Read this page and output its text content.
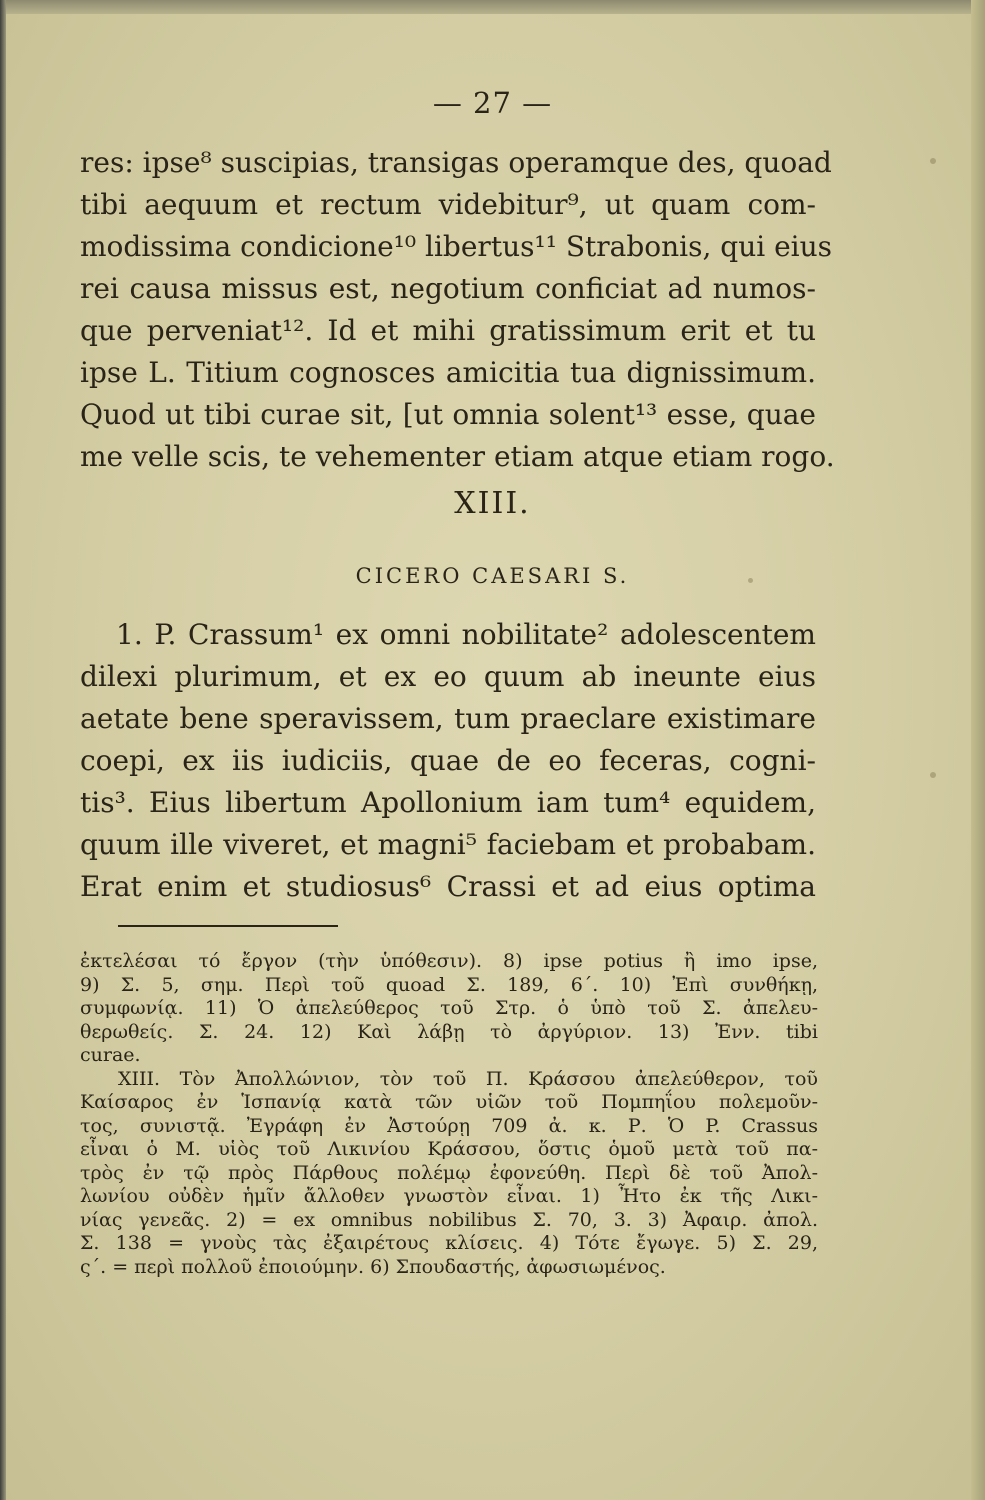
— 27 —
res: ipse⁸ suscipias, transigas operamque des, quoad
tibi aequum et rectum videbitur⁹, ut quam com-
modissima condicione¹⁰ libertus¹¹ Strabonis, qui eius
rei causa missus est, negotium conficiat ad numos-
que perveniat¹². Id et mihi gratissimum erit et tu
ipse L. Titium cognosces amicitia tua dignissimum.
Quod ut tibi curae sit, [ut omnia solent¹³ esse, quae
me velle scis, te vehementer etiam atque etiam rogo.
XIII.
CICERO CAESARI S.
1. P. Crassum¹ ex omni nobilitate² adolescentem
dilexi plurimum, et ex eo quum ab ineunte eius
aetate bene speravissem, tum praeclare existimare
coepi, ex iis iudiciis, quae de eo feceras, cogni-
tis³. Eius libertum Apollonium iam tum⁴ equidem,
quum ille viveret, et magni⁵ faciebam et probabam.
Erat enim et studiosus⁶ Crassi et ad eius optima
ἐκτελέσαι τό ἔργον (τὴν ὑπόθεσιν). 8) ipse potius ἢ imo ipse,
9) Σ. 5, σημ. Περὶ τοῦ quoad Σ. 189, 6΄. 10) Ἐπὶ συνθήκῃ,
συμφωνίᾳ. 11) Ὁ ἀπελεύθερος τοῦ Στρ. ὁ ὑπὸ τοῦ Σ. ἀπελευ-
θερωθείς. Σ. 24. 12) Καὶ λάβῃ τὸ ἀργύριον. 13) Ἐνν. tibi
curae.
XIII. Τὸν Ἀπολλώνιον, τὸν τοῦ Π. Κράσσου ἀπελεύθερον, τοῦ
Καίσαρος ἐν Ἱσπανίᾳ κατὰ τῶν υἱῶν τοῦ Πομπηΐου πολεμοῦν-
τος, συνιστᾷ. Ἐγράφη ἐν Ἀστούρῃ 709 ἀ. κ. Ρ. Ὁ P. Crassus
εἶναι ὁ Μ. υἱὸς τοῦ Λικινίου Κράσσου, ὅστις ὁμοῦ μετὰ τοῦ πα-
τρὸς ἐν τῷ πρὸς Πάρθους πολέμῳ ἐφονεύθη. Περὶ δὲ τοῦ Ἀπολ-
λωνίου οὐδὲν ἡμῖν ἄλλοθεν γνωστὸν εἶναι. 1) Ἦτο ἐκ τῆς Λικι-
νίας γενεᾶς. 2) = ex omnibus nobilibus Σ. 70, 3. 3) Ἀφαιρ. ἀπολ.
Σ. 138 = γνοὺς τὰς ἐξαιρέτους κλίσεις. 4) Τότε ἔγωγε. 5) Σ. 29,
ς΄. = περὶ πολλοῦ ἐποιούμην. 6) Σπουδαστής, ἀφωσιωμένος.
